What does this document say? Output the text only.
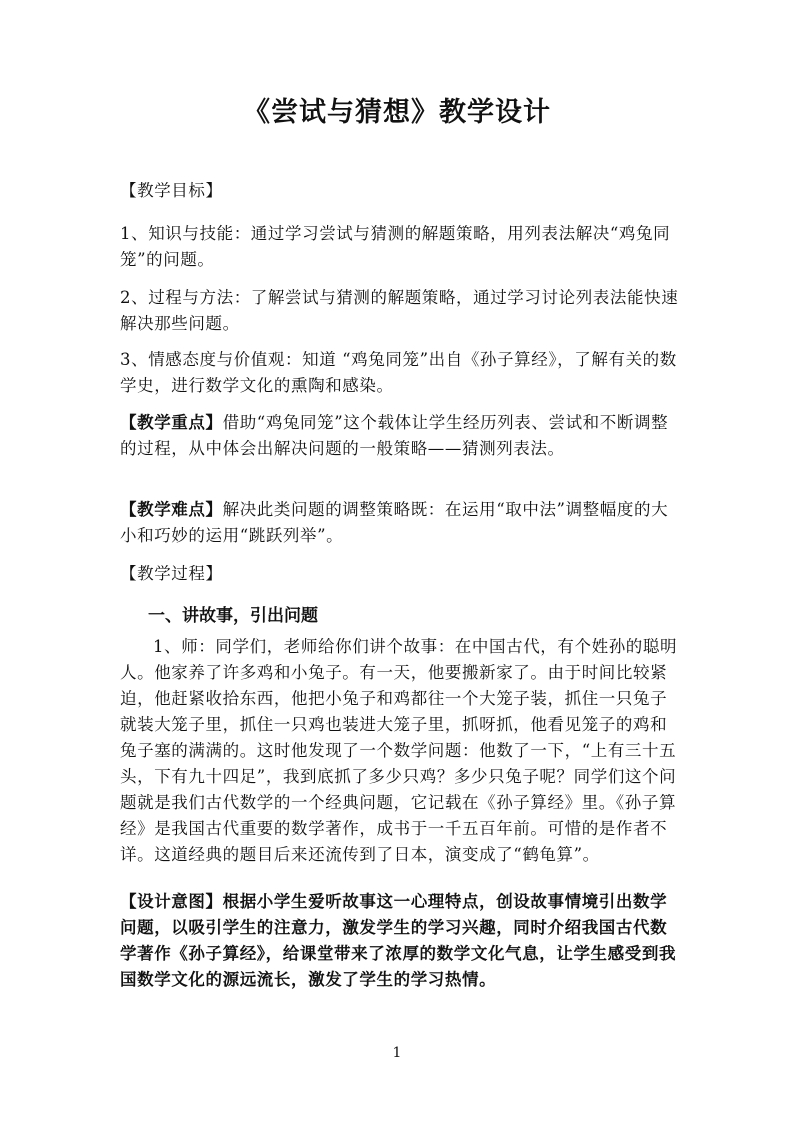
《尝试与猜想》教学设计

【教学目标】

1、知识与技能：通过学习尝试与猜测的解题策略，用列表法解决“鸡兔同笼”的问题。

2、过程与方法：了解尝试与猜测的解题策略，通过学习讨论列表法能快速解决那些问题。

3、情感态度与价值观：知道 “鸡兔同笼”出自《孙子算经》，了解有关的数学史，进行数学文化的熏陶和感染。

【教学重点】借助“鸡兔同笼”这个载体让学生经历列表、尝试和不断调整的过程，从中体会出解决问题的一般策略——猜测列表法。

【教学难点】解决此类问题的调整策略既：在运用“取中法”调整幅度的大小和巧妙的运用“跳跃列举”。

【教学过程】

一、讲故事，引出问题

1、师：同学们，老师给你们讲个故事：在中国古代，有个姓孙的聪明人。他家养了许多鸡和小兔子。有一天，他要搬新家了。由于时间比较紧迫，他赶紧收拾东西，他把小兔子和鸡都往一个大笼子装，抓住一只兔子就装大笼子里，抓住一只鸡也装进大笼子里，抓呀抓，他看见笼子的鸡和兔子塞的满满的。这时他发现了一个数学问题：他数了一下，“上有三十五头，下有九十四足”，我到底抓了多少只鸡？多少只兔子呢？同学们这个问题就是我们古代数学的一个经典问题，它记载在《孙子算经》里。《孙子算经》是我国古代重要的数学著作，成书于一千五百年前。可惜的是作者不详。这道经典的题目后来还流传到了日本，演变成了“鹤龟算”。

【设计意图】根据小学生爱听故事这一心理特点，创设故事情境引出数学问题，以吸引学生的注意力，激发学生的学习兴趣，同时介绍我国古代数学著作《孙子算经》，给课堂带来了浓厚的数学文化气息，让学生感受到我国数学文化的源远流长，激发了学生的学习热情。

1
